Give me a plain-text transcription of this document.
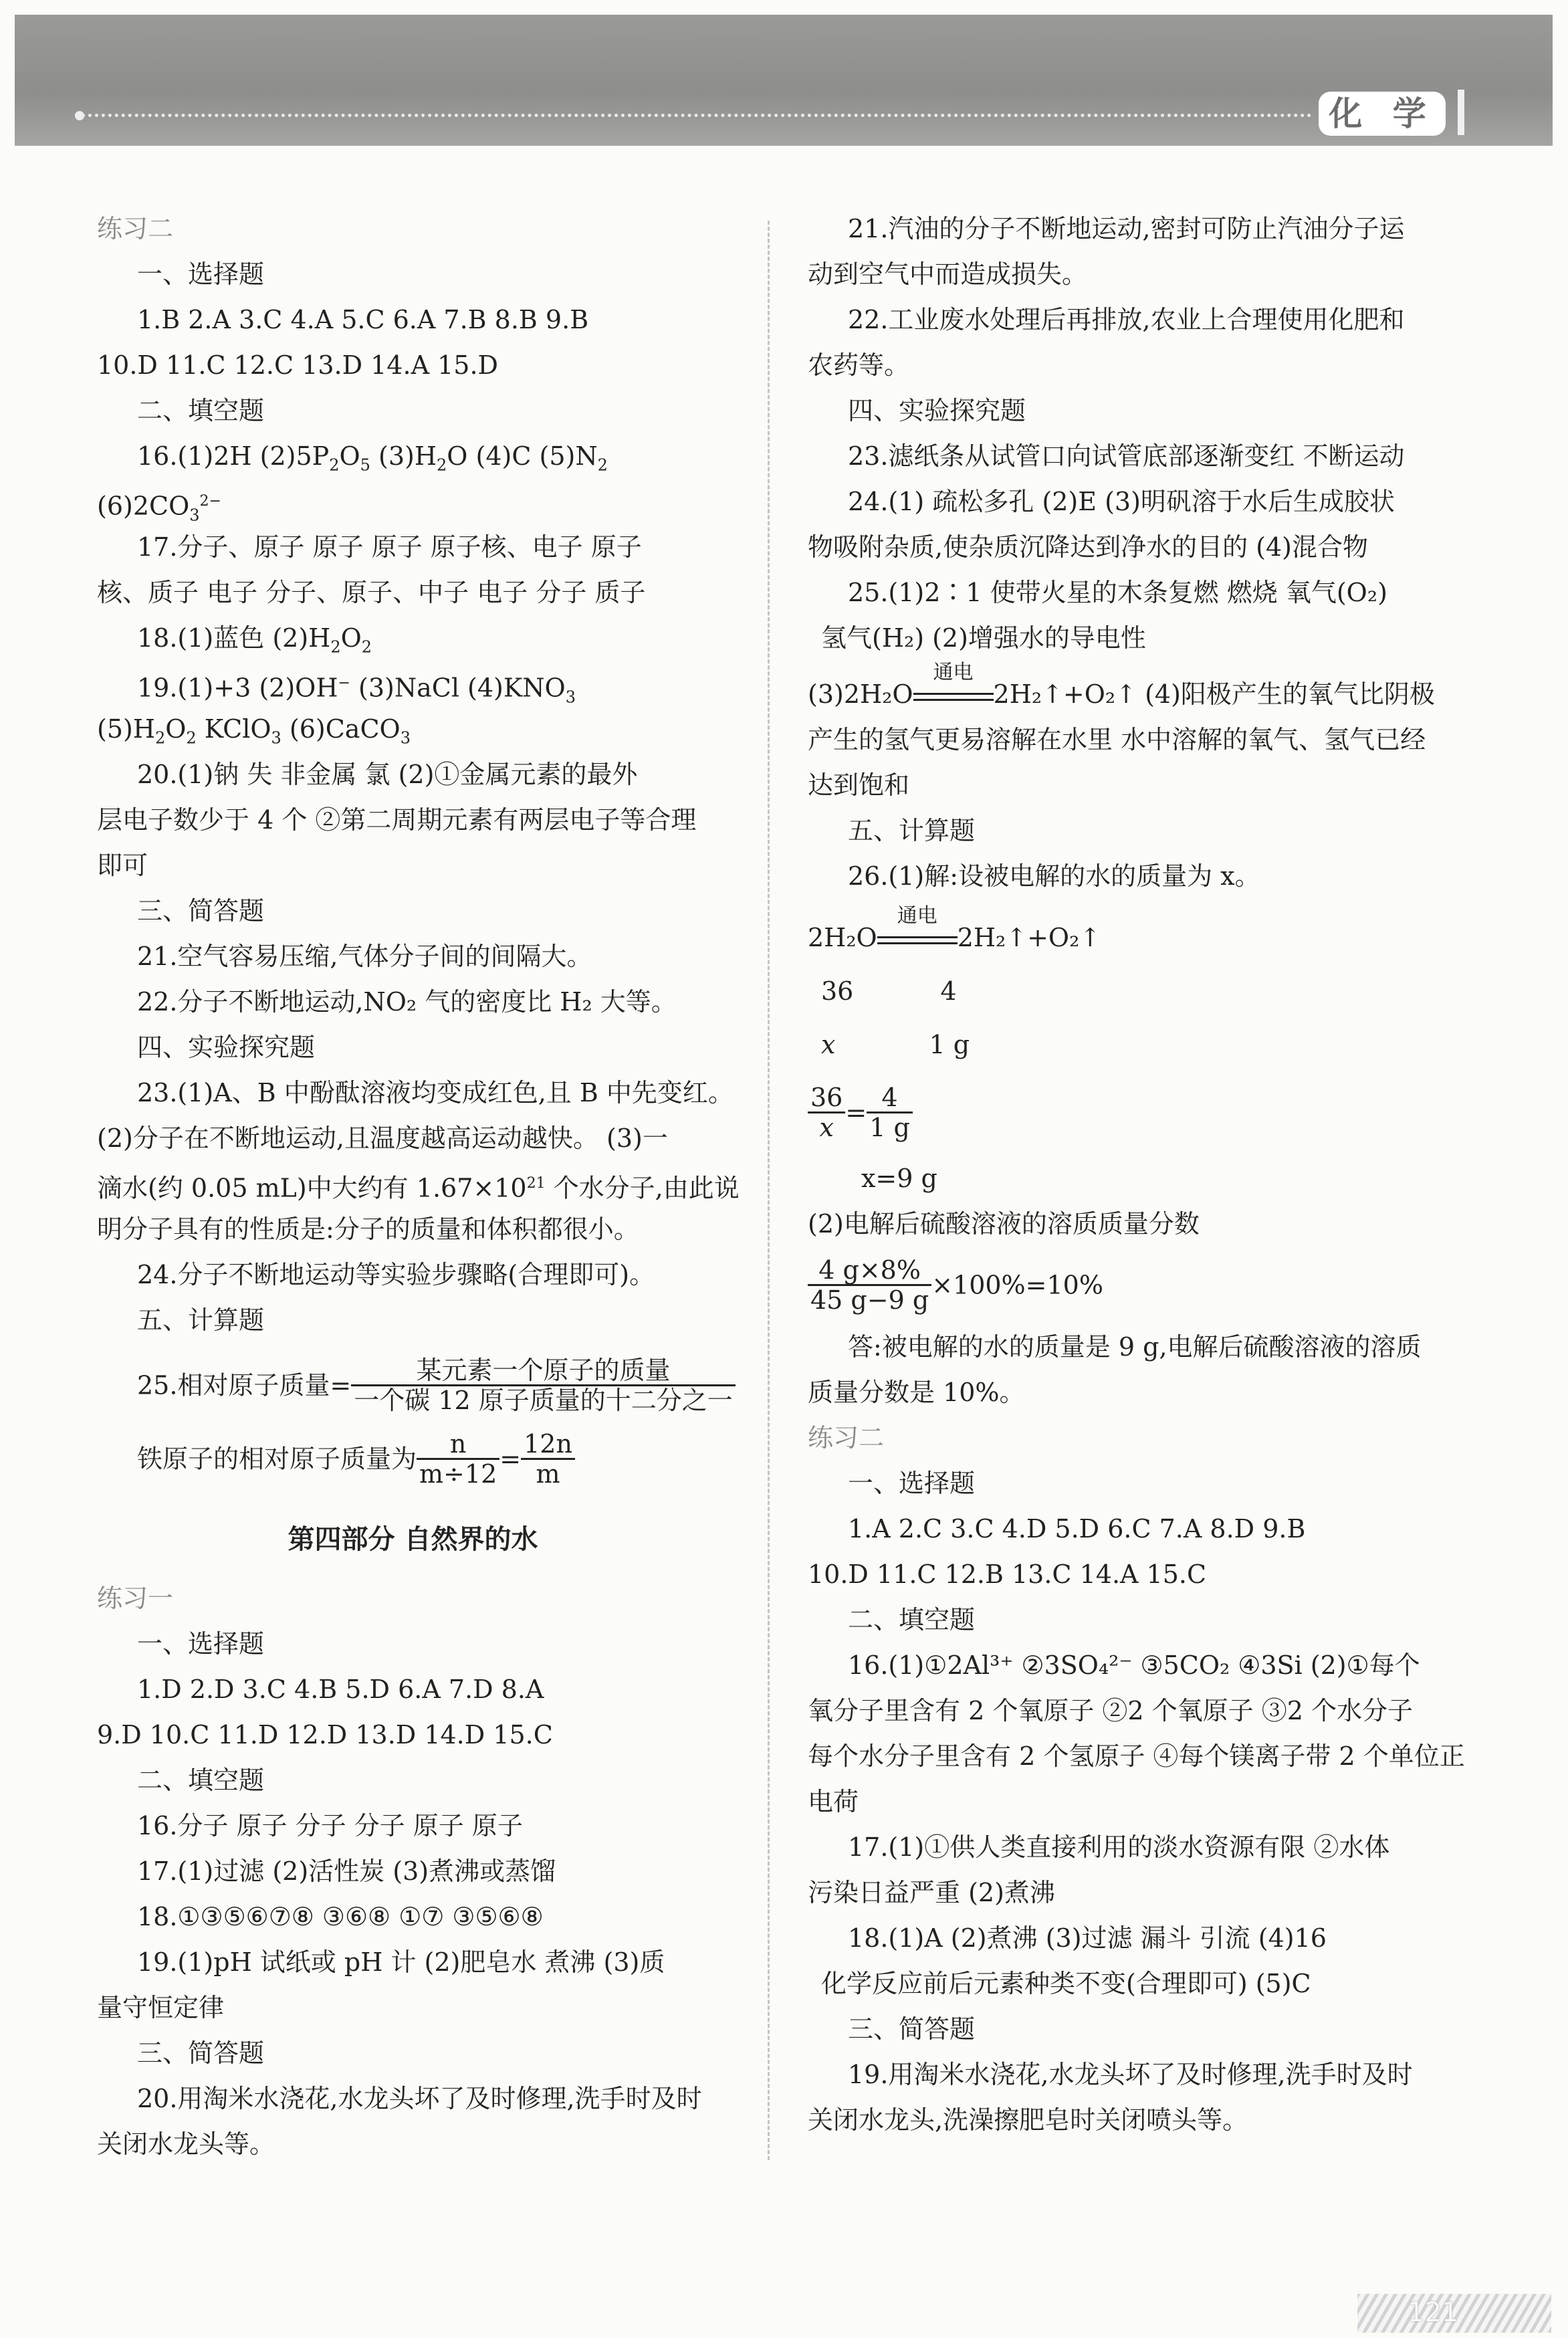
化 学
练习二
一、选择题
1.B 2.A 3.C 4.A 5.C 6.A 7.B 8.B 9.B
10.D 11.C 12.C 13.D 14.A 15.D
二、填空题
16.(1)2H $(2)5P_2O_5$ $(3)H_2O$ (4)C $(5)N_2$
$(6)2CO_3^{2-}$
17.分子、原子 原子 原子 原子核、电子 原子
核、质子 电子 分子、原子、中子 电子 分子 质子
18.(1)蓝色 $(2)H_2O_2$
19.(1)+3 (2)OH− (3)NaCl $(4)KNO_3$
$(5)H_2O_2$ KClO$_3$ (6)CaCO$_3$
20.(1)钠 失 非金属 氯 (2)①金属元素的最外
层电子数少于 4 个 ②第二周期元素有两层电子等合理
即可
三、简答题
21.空气容易压缩,气体分子间的间隔大。
22.分子不断地运动,NO₂ 气的密度比 H₂ 大等。
四、实验探究题
23.(1)A、B 中酚酞溶液均变成红色,且 B 中先变红。
(2)分子在不断地运动,且温度越高运动越快。 (3)一
滴水(约 0.05 mL)中大约有 $1.67\times 10^{21}$ 个水分子,由此说
明分子具有的性质是:分子的质量和体积都很小。
24.分子不断地运动等实验步骤略(合理即可)。
五、计算题
25.相对原子质量= $\frac{\text{某元素一个原子的质量}}{\text{一个碳 12 原子质量的十二分之一}}$
铁原子的相对原子质量为 $\frac{n}{m\div 12} = \frac{12n}{m}$
第四部分 自然界的水
练习一
一、选择题
1.D 2.D 3.C 4.B 5.D 6.A 7.D 8.A
9.D 10.C 11.D 12.D 13.D 14.D 15.C
二、填空题
16.分子 原子 分子 分子 原子 原子
17.(1)过滤 (2)活性炭 (3)煮沸或蒸馏
18.①③⑤⑥⑦⑧ ③⑥⑧ ①⑦ ③⑤⑥⑧
19.(1)pH 试纸或 pH 计 (2)肥皂水 煮沸 (3)质
量守恒定律
三、简答题
20.用淘米水浇花,水龙头坏了及时修理,洗手时及时
关闭水龙头等。
21.汽油的分子不断地运动,密封可防止汽油分子运
动到空气中而造成损失。
22.工业废水处理后再排放,农业上合理使用化肥和
农药等。
四、实验探究题
23.滤纸条从试管口向试管底部逐渐变红 不断运动
24.(1) 疏松多孔 (2)E (3)明矾溶于水后生成胶状
物吸附杂质,使杂质沉降达到净水的目的 (4)混合物
25.(1)2∶1 使带火星的木条复燃 燃烧 氧气(O₂)
氢气(H₂) (2)增强水的导电性
(3)2H₂O
通电
2H₂↑+O₂↑ (4)阳极产生的氧气比阴极
产生的氢气更易溶解在水里 水中溶解的氧气、氢气已经
达到饱和
五、计算题
26.(1)解:设被电解的水的质量为 x。
2H₂O
通电
2H₂↑+O₂↑
36	4
x	1 g
$\frac{36}{x} = \frac{4}{1 g}$
x=9 g
(2)电解后硫酸溶液的溶质质量分数
$\frac{4 g\times 8\%}{45 g-9 g} \times 100\%=10\%$
答:被电解的水的质量是 9 g,电解后硫酸溶液的溶质
质量分数是 10%。
练习二
一、选择题
1.A 2.C 3.C 4.D 5.D 6.C 7.A 8.D 9.B
10.D 11.C 12.B 13.C 14.A 15.C
二、填空题
16.(1)①2Al³⁺ ②3SO₄²⁻ ③5CO₂ ④3Si (2)①每个
氧分子里含有 2 个氧原子 ②2 个氧原子 ③2 个水分子
每个水分子里含有 2 个氢原子 ④每个镁离子带 2 个单位正
电荷
17.(1)①供人类直接利用的淡水资源有限 ②水体
污染日益严重 (2)煮沸
18.(1)A (2)煮沸 (3)过滤 漏斗 引流 (4)16
化学反应前后元素种类不变(合理即可) (5)C
三、简答题
19.用淘米水浇花,水龙头坏了及时修理,洗手时及时
关闭水龙头,洗澡擦肥皂时关闭喷头等。
121
